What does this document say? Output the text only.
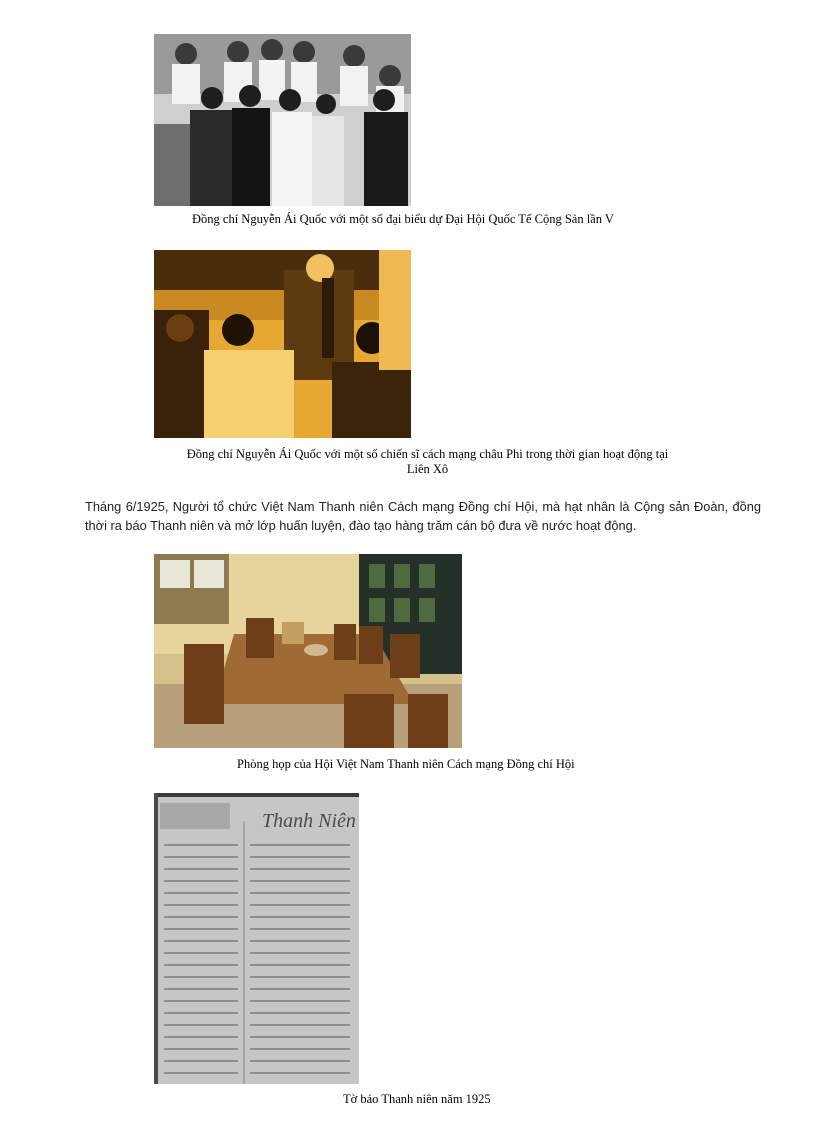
Đồng chí Nguyễn Ái Quốc với một số đại biểu dự Đại Hội Quốc Tế Cộng Sản lần V
Đồng chí Nguyễn Ái Quốc với một số chiến sĩ cách mạng châu Phi trong thời gian hoạt động tại
Liên Xô
Tháng 6/1925, Người tổ chức Việt Nam Thanh niên Cách mạng Đồng chí Hội, mà hạt nhân là Cộng sản Đoàn, đồng thời ra báo Thanh niên và mở lớp huấn luyện, đào tạo hàng trăm cán bộ đưa về nước hoạt động.
Phòng họp của Hội Việt Nam Thanh niên Cách mạng Đồng chí Hội
Thanh Niên
Tờ báo Thanh niên năm 1925
